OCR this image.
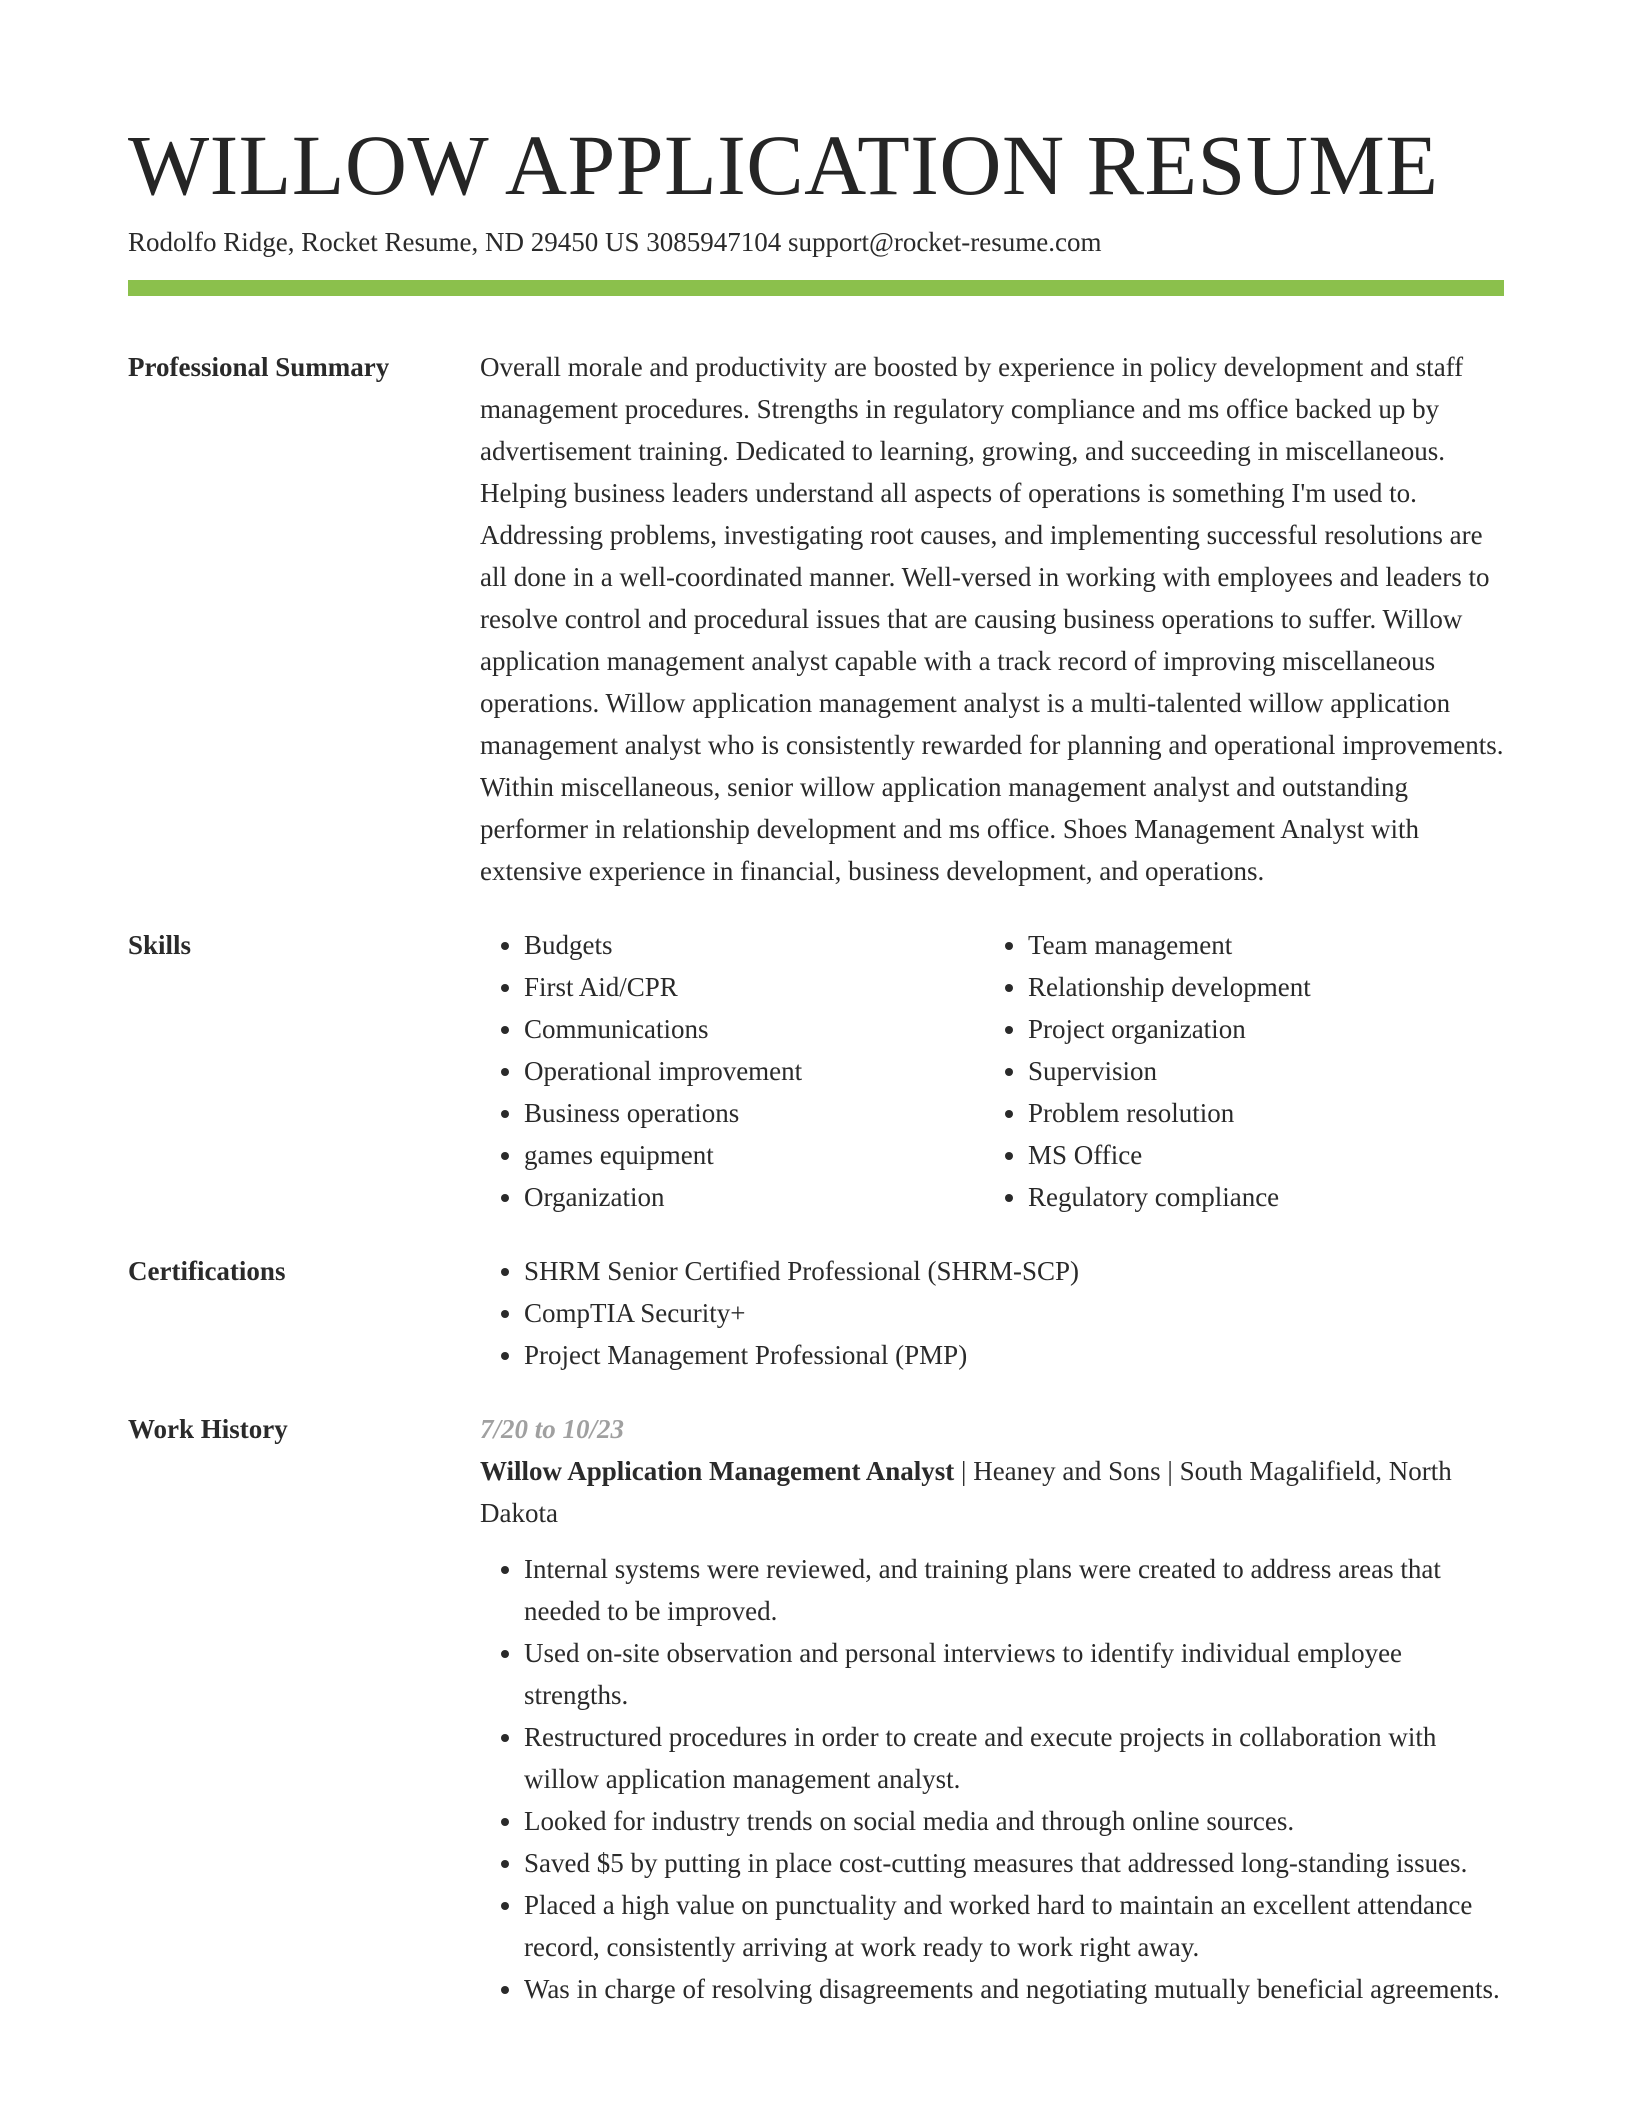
WILLOW APPLICATION RESUME

Rodolfo Ridge, Rocket Resume, ND 29450 US 3085947104 support@rocket-resume.com

Professional Summary	Overall morale and productivity are boosted by experience in policy development and staff management procedures. Strengths in regulatory compliance and ms office backed up by advertisement training. Dedicated to learning, growing, and succeeding in miscellaneous. Helping business leaders understand all aspects of operations is something I'm used to. Addressing problems, investigating root causes, and implementing successful resolutions are all done in a well-coordinated manner. Well-versed in working with employees and leaders to resolve control and procedural issues that are causing business operations to suffer. Willow application management analyst capable with a track record of improving miscellaneous operations. Willow application management analyst is a multi-talented willow application management analyst who is consistently rewarded for planning and operational improvements. Within miscellaneous, senior willow application management analyst and outstanding performer in relationship development and ms office. Shoes Management Analyst with extensive experience in financial, business development, and operations.

Skills	• Budgets
• First Aid/CPR
• Communications
• Operational improvement
• Business operations
• games equipment
• Organization
• Team management
• Relationship development
• Project organization
• Supervision
• Problem resolution
• MS Office
• Regulatory compliance
Certifications	• SHRM Senior Certified Professional (SHRM-SCP)
• CompTIA Security+
• Project Management Professional (PMP)
Work History	7/20 to 10/23

Willow Application Management Analyst | Heaney and Sons | South Magalifield, North Dakota

• Internal systems were reviewed, and training plans were created to address areas that needed to be improved.
• Used on-site observation and personal interviews to identify individual employee strengths.
• Restructured procedures in order to create and execute projects in collaboration with willow application management analyst.
• Looked for industry trends on social media and through online sources.
• Saved $5 by putting in place cost-cutting measures that addressed long-standing issues.
• Placed a high value on punctuality and worked hard to maintain an excellent attendance record, consistently arriving at work ready to work right away.
• Was in charge of resolving disagreements and negotiating mutually beneficial agreements.
